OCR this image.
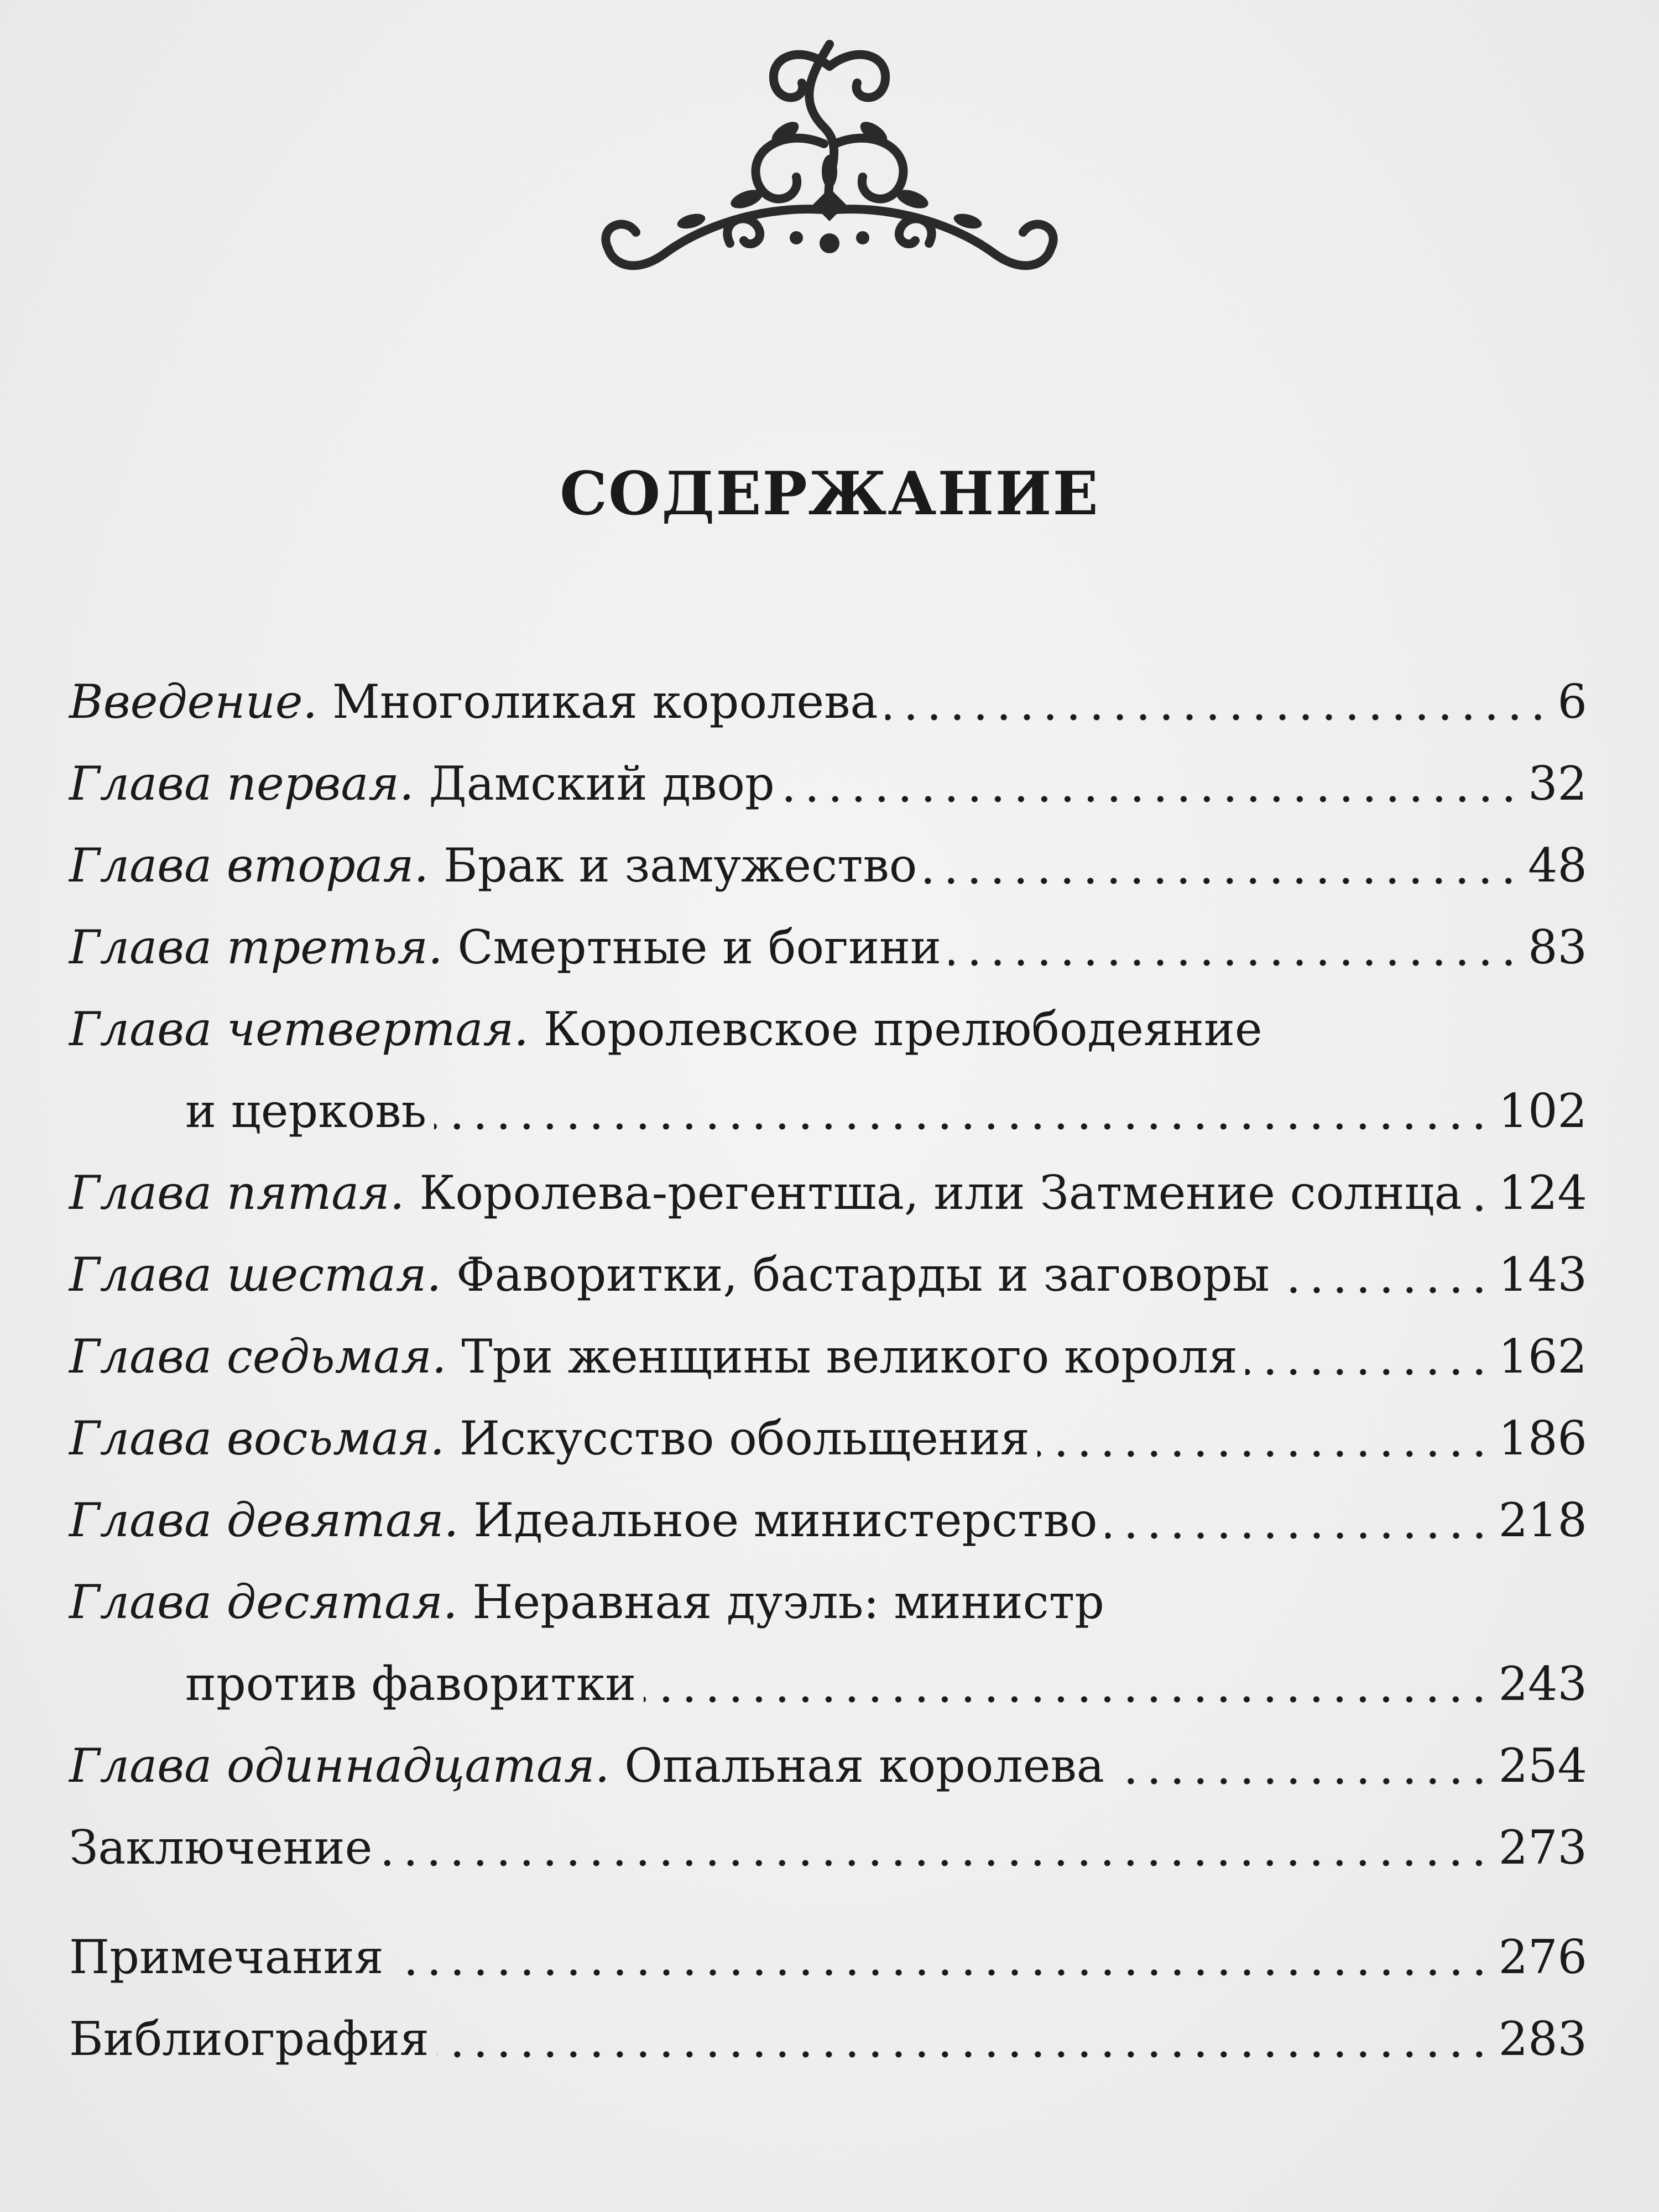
СОДЕРЖАНИЕ
Введение.
Многоликая королева	6
Глава первая.
Дамский двор	32
Глава вторая.
Брак и замужество	48
Глава третья.
Смертные и богини	83
Глава четвертая.
Королевское прелюбодеяние
и церковь	102
Глава пятая.
Королева-регентша, или Затмение солнца 124
Глава шестая.
Фаворитки, бастарды и заговоры	143
Глава седьмая.
Три женщины великого короля	162
Глава восьмая.
Искусство обольщения	186
Глава девятая.
Идеальное министерство	218
Глава десятая.
Неравная дуэль: министр
против фаворитки	243
Глава одиннадцатая.
Опальная королева	254
Заключение	273
Примечания	276
Библиография	283
